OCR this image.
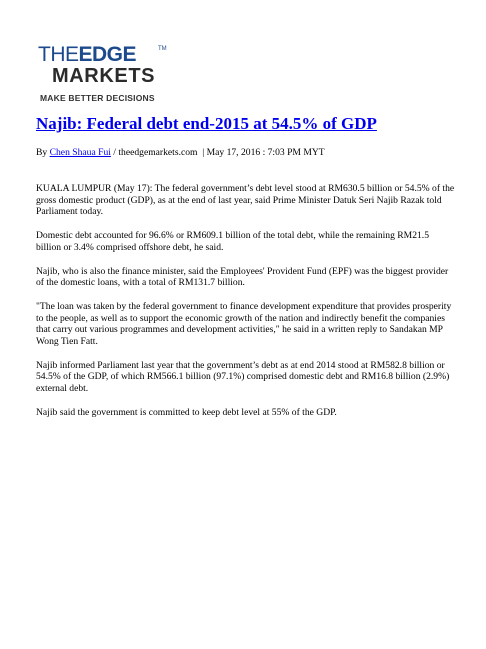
THEEDGE	TM
MARKETS
MAKE BETTER DECISIONS
Najib: Federal debt end-2015 at 54.5% of GDP
By Chen Shaua Fui / theedgemarkets.com  | May 17, 2016 : 7:03 PM MYT

KUALA LUMPUR (May 17): The federal government’s debt level stood at RM630.5 billion or 54.5% of the gross domestic product (GDP), as at the end of last year, said Prime Minister Datuk Seri Najib Razak told Parliament today.

Domestic debt accounted for 96.6% or RM609.1 billion of the total debt, while the remaining RM21.5 billion or 3.4% comprised offshore debt, he said.

Najib, who is also the finance minister, said the Employees' Provident Fund (EPF) was the biggest provider of the domestic loans, with a total of RM131.7 billion.

"The loan was taken by the federal government to finance development expenditure that provides prosperity to the people, as well as to support the economic growth of the nation and indirectly benefit the companies that carry out various programmes and development activities," he said in a written reply to Sandakan MP Wong Tien Fatt.

Najib informed Parliament last year that the government’s debt as at end 2014 stood at RM582.8 billion or 54.5% of the GDP, of which RM566.1 billion (97.1%) comprised domestic debt and RM16.8 billion (2.9%) external debt.

Najib said the government is committed to keep debt level at 55% of the GDP.
